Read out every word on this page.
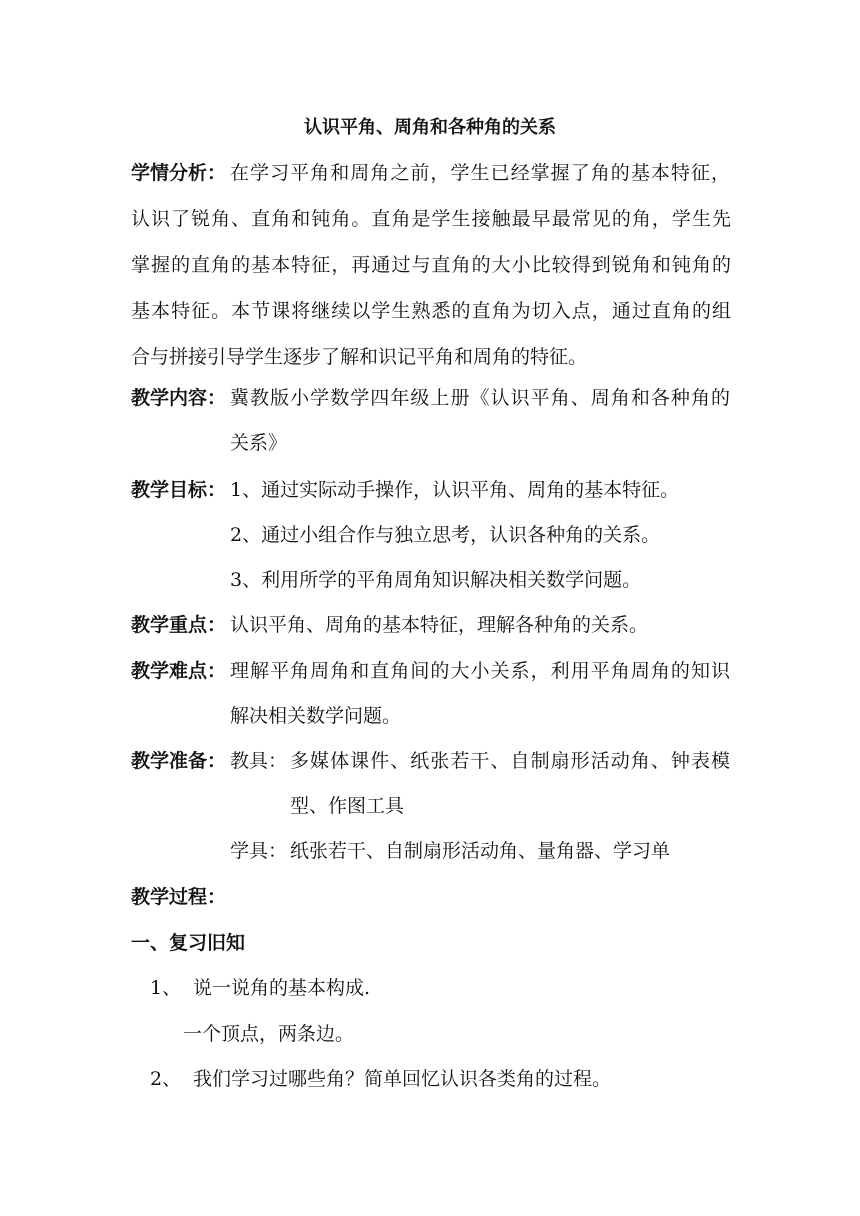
认识平角、周角和各种角的关系
学情分析： 在学习平角和周角之前，学生已经掌握了角的基本特征，
认识了锐角、直角和钝角。直角是学生接触最早最常见的角，学生先
掌握的直角的基本特征，再通过与直角的大小比较得到锐角和钝角的
基本特征。本节课将继续以学生熟悉的直角为切入点，通过直角的组
合与拼接引导学生逐步了解和识记平角和周角的特征。
教学内容： 冀教版小学数学四年级上册《认识平角、周角和各种角的
关系》
教学目标： 1、通过实际动手操作，认识平角、周角的基本特征。
2、通过小组合作与独立思考，认识各种角的关系。
3、利用所学的平角周角知识解决相关数学问题。
教学重点： 认识平角、周角的基本特征，理解各种角的关系。
教学难点： 理解平角周角和直角间的大小关系，利用平角周角的知识
解决相关数学问题。
教学准备： 教具： 多媒体课件、纸张若干、自制扇形活动角、钟表模
型、作图工具
学具： 纸张若干、自制扇形活动角、量角器、学习单
教学过程：
一、复习旧知
1、 说一说角的基本构成.
一个顶点，两条边。
2、 我们学习过哪些角？简单回忆认识各类角的过程。
